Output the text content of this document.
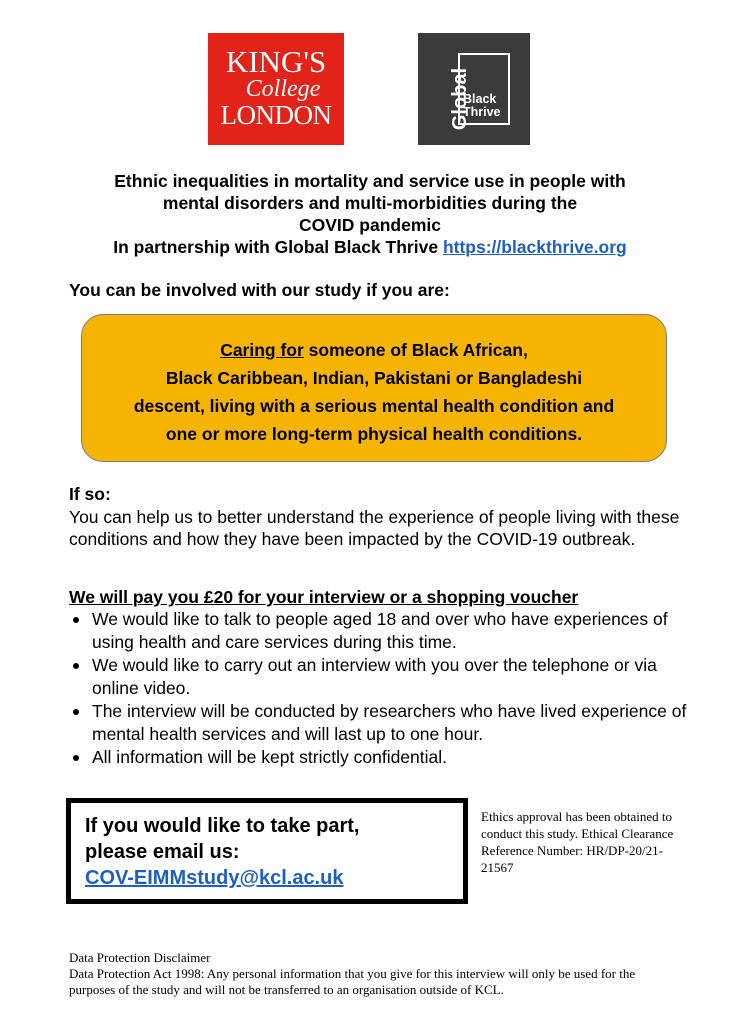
KING'S
College
LONDON	Global
Black
Thrive
Ethnic inequalities in mortality and service use in people with
mental disorders and multi-morbidities during the
COVID pandemic
In partnership with Global Black Thrive https://blackthrive.org
You can be involved with our study if you are:
Caring for someone of Black African,
Black Caribbean, Indian, Pakistani or Bangladeshi
descent, living with a serious mental health condition and
one or more long-term physical health conditions.
If so:
You can help us to better understand the experience of people living with these conditions and how they have been impacted by the COVID-19 outbreak.
We will pay you £20 for your interview or a shopping voucher
We would like to talk to people aged 18 and over who have experiences of using health and care services during this time.
We would like to carry out an interview with you over the telephone or via online video.
The interview will be conducted by researchers who have lived experience of mental health services and will last up to one hour.
All information will be kept strictly confidential.
If you would like to take part,
please email us:
COV-EIMMstudy@kcl.ac.uk
Ethics approval has been obtained to conduct this study. Ethical Clearance Reference Number: HR/DP-20/21-21567
Data Protection Disclaimer
Data Protection Act 1998: Any personal information that you give for this interview will only be used for the purposes of the study and will not be transferred to an organisation outside of KCL.
